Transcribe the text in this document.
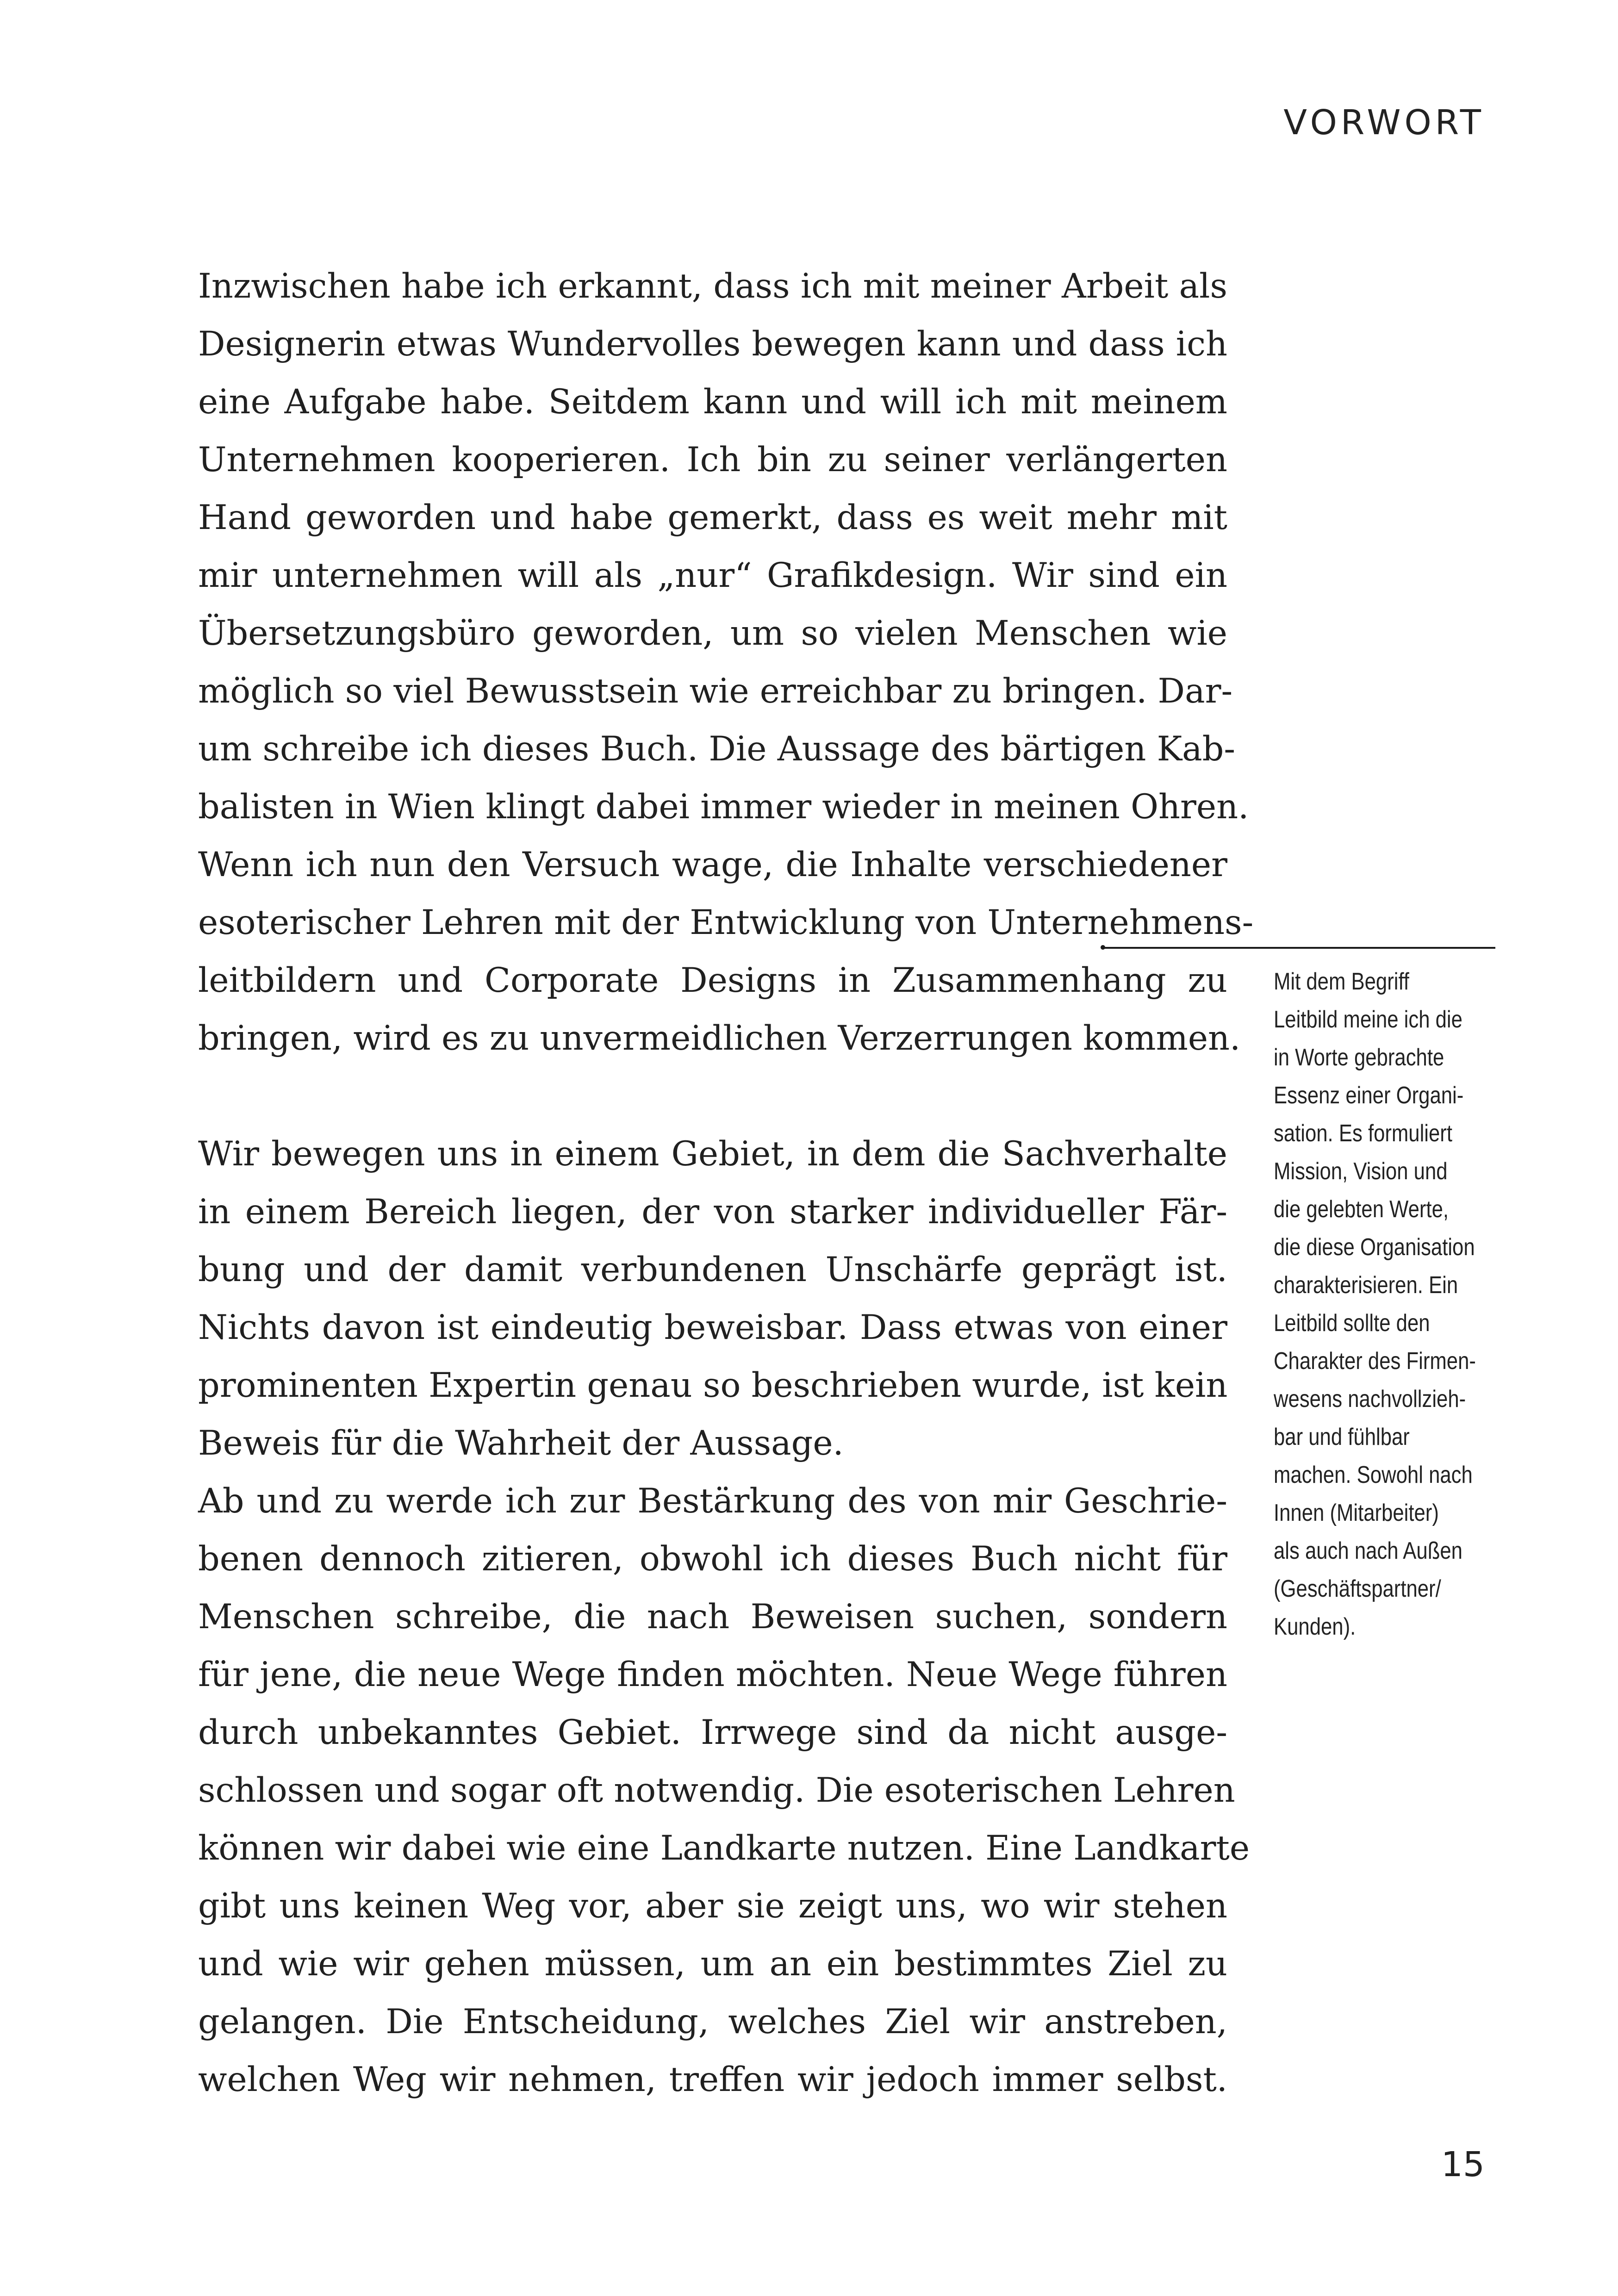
VORWORT
Inzwischen habe ich erkannt, dass ich mit meiner Arbeit als
Designerin etwas Wundervolles bewegen kann und dass ich
eine Aufgabe habe. Seitdem kann und will ich mit meinem
Unternehmen kooperieren. Ich bin zu seiner verlängerten
Hand geworden und habe gemerkt, dass es weit mehr mit
mir unternehmen will als „nur“ Grafikdesign. Wir sind ein
Übersetzungsbüro geworden, um so vielen Menschen wie
möglich so viel Bewusstsein wie erreichbar zu bringen. Dar-
um schreibe ich dieses Buch. Die Aussage des bärtigen Kab-
balisten in Wien klingt dabei immer wieder in meinen Ohren.
Wenn ich nun den Versuch wage, die Inhalte verschiedener
esoterischer Lehren mit der Entwicklung von Unternehmens-
leitbildern und Corporate Designs in Zusammenhang zu
bringen, wird es zu unvermeidlichen Verzerrungen kommen.
Wir bewegen uns in einem Gebiet, in dem die Sachverhalte
in einem Bereich liegen, der von starker individueller Fär-
bung und der damit verbundenen Unschärfe geprägt ist.
Nichts davon ist eindeutig beweisbar. Dass etwas von einer
prominenten Expertin genau so beschrieben wurde, ist kein
Beweis für die Wahrheit der Aussage.
Ab und zu werde ich zur Bestärkung des von mir Geschrie-
benen dennoch zitieren, obwohl ich dieses Buch nicht für
Menschen schreibe, die nach Beweisen suchen, sondern
für jene, die neue Wege finden möchten. Neue Wege führen
durch unbekanntes Gebiet. Irrwege sind da nicht ausge-
schlossen und sogar oft notwendig. Die esoterischen Lehren
können wir dabei wie eine Landkarte nutzen. Eine Landkarte
gibt uns keinen Weg vor, aber sie zeigt uns, wo wir stehen
und wie wir gehen müssen, um an ein bestimmtes Ziel zu
gelangen. Die Entscheidung, welches Ziel wir anstreben,
welchen Weg wir nehmen, treffen wir jedoch immer selbst.
Mit dem Begriff
Leitbild meine ich die
in Worte gebrachte
Essenz einer Organi-
sation. Es formuliert
Mission, Vision und
die gelebten Werte,
die diese Organisation
charakterisieren. Ein
Leitbild sollte den
Charakter des Firmen-
wesens nachvollzieh-
bar und fühlbar
machen. Sowohl nach
Innen (Mitarbeiter)
als auch nach Außen
(Geschäftspartner/
Kunden).
15
